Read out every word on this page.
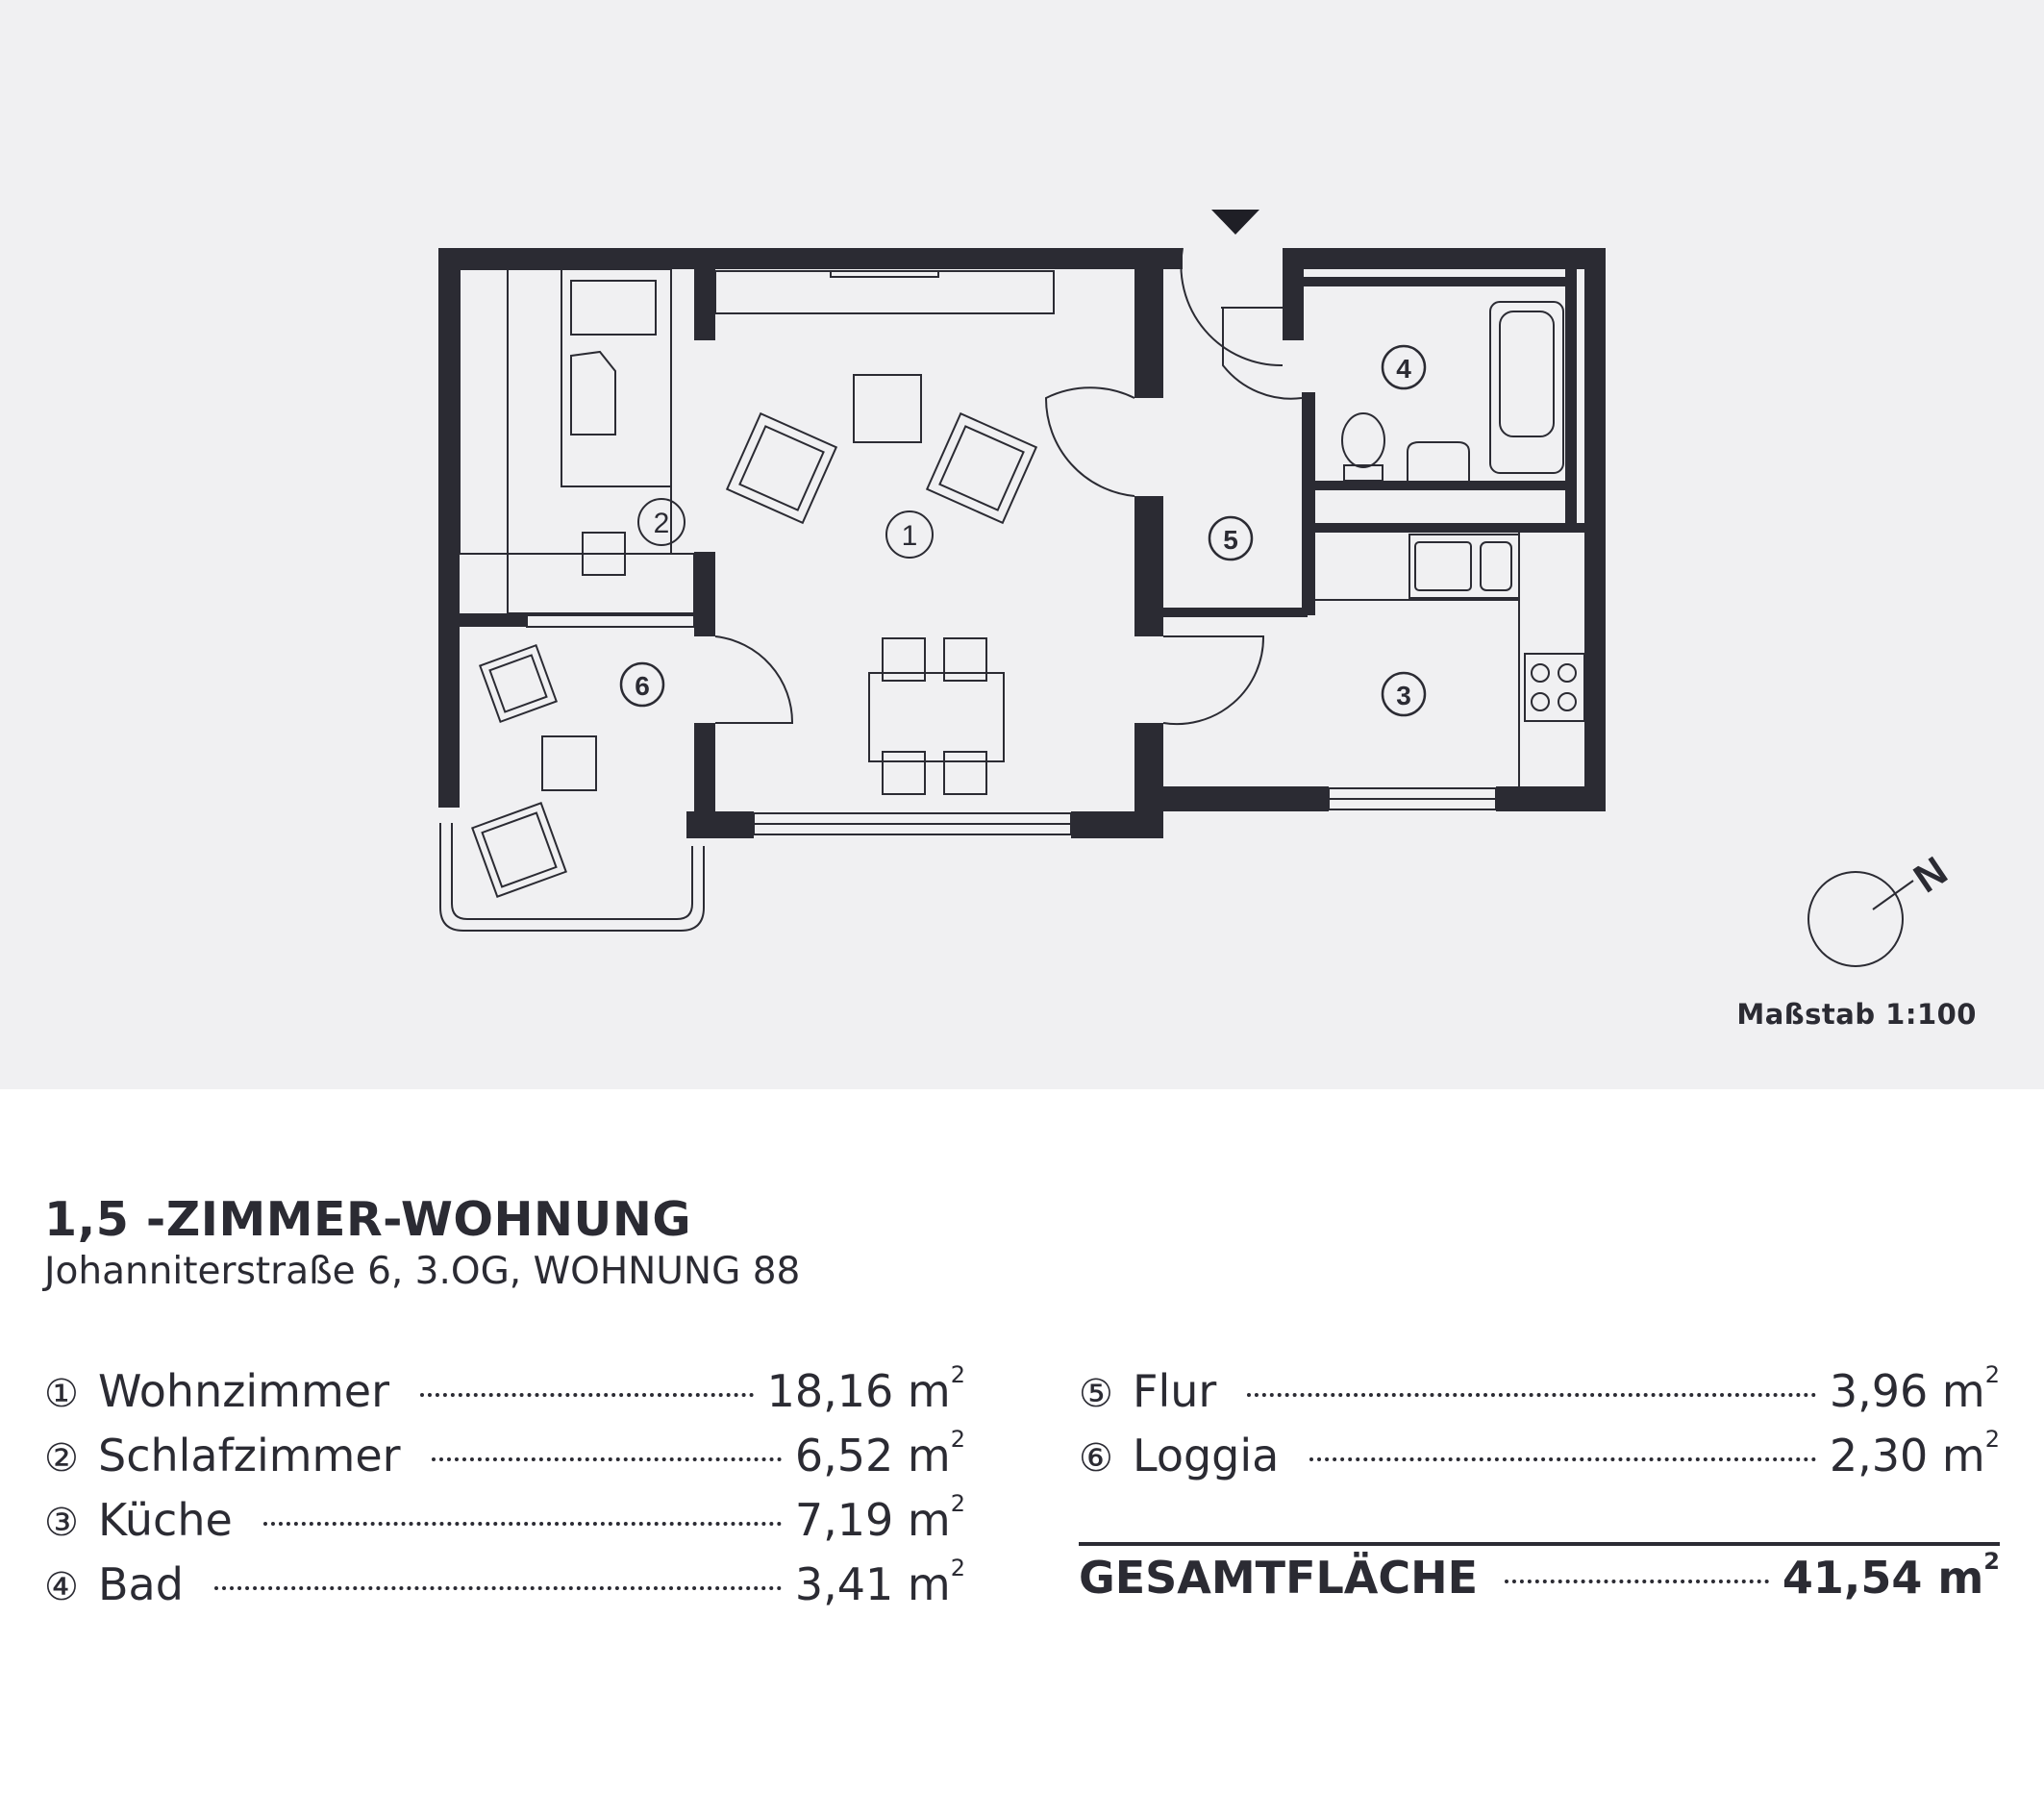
1
2
3
4
5
6
N
Maßstab 1:100
1,5 -ZIMMER-WOHNUNG
Johanniterstraße 6, 3.OG, WOHNUNG 88
① Wohnzimmer	18,16 $m^2$
② Schlafzimmer	6,52 $m^2$
③ Küche	7,19 $m^2$
④ Bad	3,41 $m^2$
⑤ Flur	3,96 $m^2$
⑥ Loggia	2,30 $m^2$
GESAMTFLÄCHE	41,54 $m^2$
